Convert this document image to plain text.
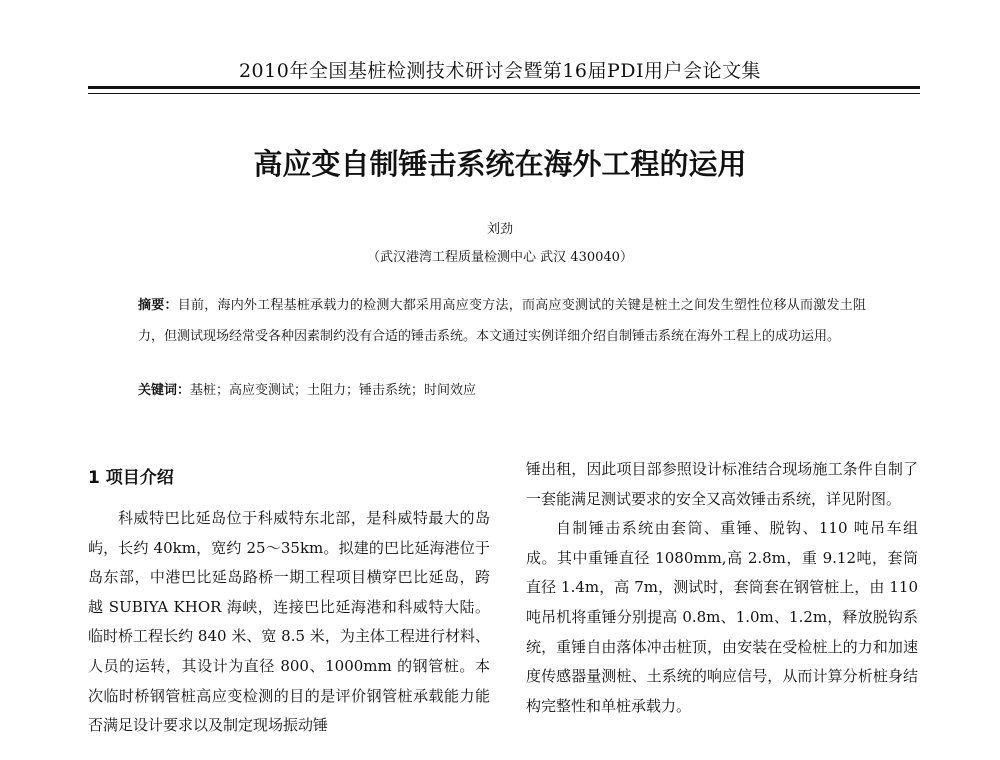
2010年全国基桩检测技术研讨会暨第16届PDI用户会论文集
高应变自制锤击系统在海外工程的运用
刘劲
（武汉港湾工程质量检测中心 武汉 430040）
摘要：目前，海内外工程基桩承载力的检测大都采用高应变方法，而高应变测试的关键是桩土之间发生塑性位移从而激发土阻力，但测试现场经常受各种因素制约没有合适的锤击系统。本文通过实例详细介绍自制锤击系统在海外工程上的成功运用。
关键词：基桩；高应变测试；土阻力；锤击系统；时间效应
1 项目介绍

科威特巴比延岛位于科威特东北部，是科威特最大的岛屿，长约 40km，宽约 25～35km。拟建的巴比延海港位于岛东部，中港巴比延岛路桥一期工程项目横穿巴比延岛，跨越 SUBIYA KHOR 海峡，连接巴比延海港和科威特大陆。临时桥工程长约 840 米、宽 8.5 米，为主体工程进行材料、人员的运转，其设计为直径 800、1000mm 的钢管桩。本次临时桥钢管桩高应变检测的目的是评价钢管桩承载能力能否满足设计要求以及制定现场振动锤

锤出租，因此项目部参照设计标准结合现场施工条件自制了一套能满足测试要求的安全又高效锤击系统，详见附图。

自制锤击系统由套筒、重锤、脱钩、110 吨吊车组成。其中重锤直径 1080mm,高 2.8m，重 9.12吨，套筒直径 1.4m，高 7m，测试时，套筒套在钢管桩上，由 110 吨吊机将重锤分别提高 0.8m、1.0m、1.2m，释放脱钩系统，重锤自由落体冲击桩顶，由安装在受检桩上的力和加速度传感器量测桩、土系统的响应信号，从而计算分析桩身结构完整性和单桩承载力。
